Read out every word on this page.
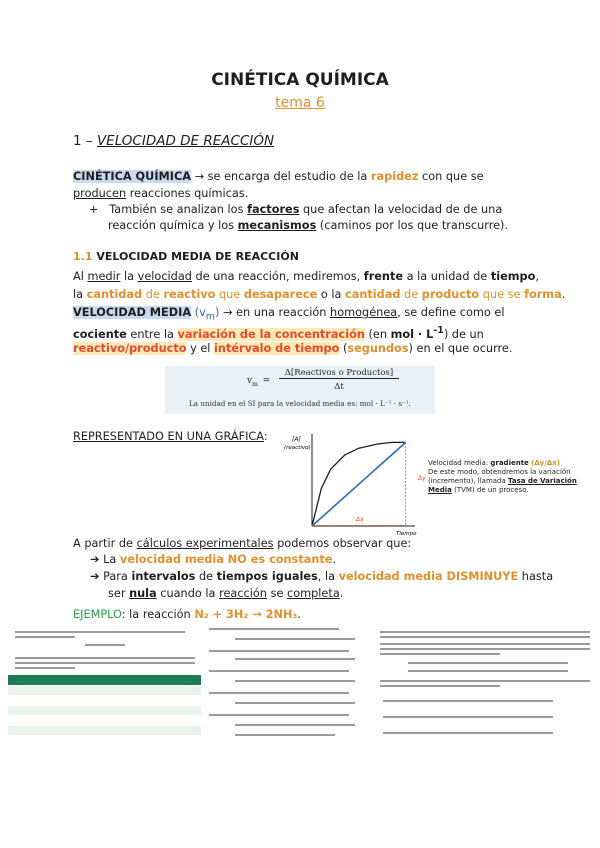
CINÉTICA QUÍMICA
tema 6
1 – VELOCIDAD DE REACCIÓN
CINÉTICA QUÍMICA → se encarga del estudio de la rapidez con que se
producen reacciones químicas.
+ También se analizan los factores que afectan la velocidad de de una
reacción química y los mecanismos (caminos por los que transcurre).
1.1 VELOCIDAD MEDIA DE REACCIÓN
Al medir la velocidad de una reacción, mediremos, frente a la unidad de tiempo,
la cantidad de reactivo que desaparece o la cantidad de producto que se forma.
VELOCIDAD MEDIA $(v_m)$ → en una reacción homogénea, se define como el
cociente entre la variación de la concentración (en mol · $L^{-1}$) de un
reactivo/producto y el intérvalo de tiempo (segundos) en el que ocurre.
$v_m$ =
Δ[Reactivos o Productos]
Δt
La unidad en el SI para la velocidad media es: mol · L⁻¹ · s⁻¹.
REPRESENTADO EN UNA GRÁFICA:	[A]
(reactivo)
Δy
Δx
Tiempo
Velocidad media: gradiente (Δy/Δx)
De este modo, obtendremos la variación
(incremento), llamada Tasa de Variación
Media (TVM) de un proceso.
A partir de cálculos experimentales podemos observar que:
➔ La velocidad media NO es constante.
➔ Para intervalos de tiempos iguales, la velocidad media DISMINUYE hasta
ser nula cuando la reacción se completa.
EJEMPLO: la reacción N₂ + 3H₂ → 2NH₃.
